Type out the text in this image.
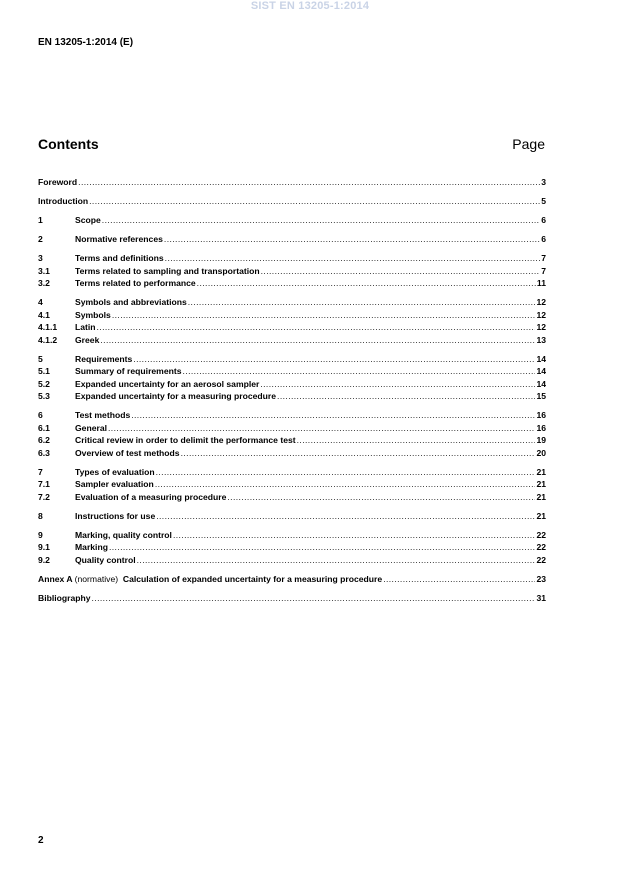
SIST EN 13205-1:2014
EN 13205-1:2014 (E)
Contents	Page
Foreword .....	3
Introduction .....	5
1	Scope .....	6
2	Normative references .....	6
3	Terms and definitions .....	7
3.1	Terms related to sampling and transportation .....	7
3.2	Terms related to performance .....	11
4	Symbols and abbreviations .....	12
4.1	Symbols .....	12
4.1.1	Latin .....	12
4.1.2	Greek .....	13
5	Requirements .....	14
5.1	Summary of requirements .....	14
5.2	Expanded uncertainty for an aerosol sampler .....	14
5.3	Expanded uncertainty for a measuring procedure .....	15
6	Test methods .....	16
6.1	General .....	16
6.2	Critical review in order to delimit the performance test .....	19
6.3	Overview of test methods .....	20
7	Types of evaluation .....	21
7.1	Sampler evaluation .....	21
7.2	Evaluation of a measuring procedure .....	21
8	Instructions for use .....	21
9	Marking, quality control .....	22
9.1	Marking .....	22
9.2	Quality control .....	22
Annex A (normative) Calculation of expanded uncertainty for a measuring procedure .....	23
Bibliography .....	31
2
